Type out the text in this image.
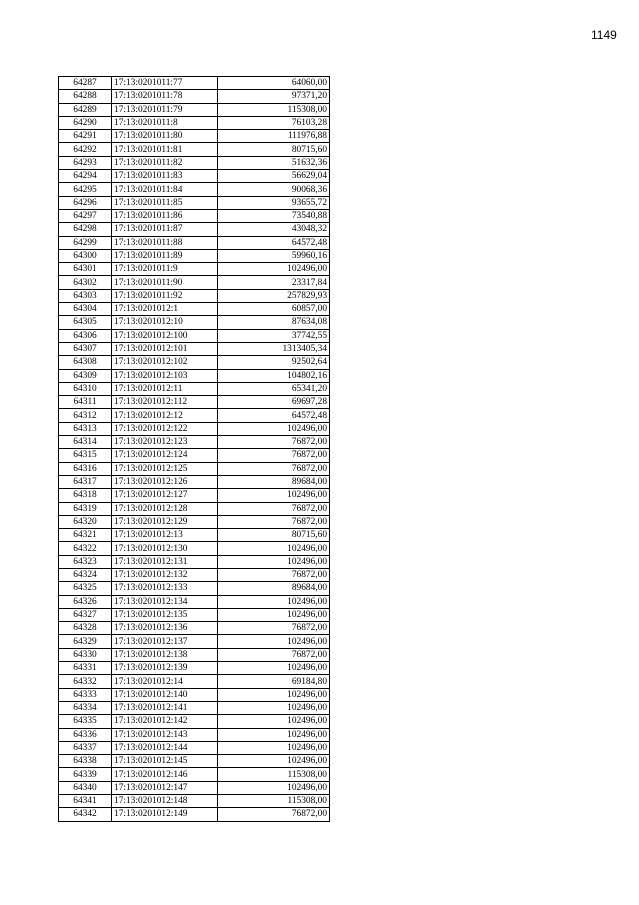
1149
64287	17:13:0201011:77	64060,00
64288	17:13:0201011:78	97371,20
64289	17:13:0201011:79	115308,00
64290	17:13:0201011:8	76103,28
64291	17:13:0201011:80	111976,88
64292	17:13:0201011:81	80715,60
64293	17:13:0201011:82	51632,36
64294	17:13:0201011:83	56629,04
64295	17:13:0201011:84	90068,36
64296	17:13:0201011:85	93655,72
64297	17:13:0201011:86	73540,88
64298	17:13:0201011:87	43048,32
64299	17:13:0201011:88	64572,48
64300	17:13:0201011:89	59960,16
64301	17:13:0201011:9	102496,00
64302	17:13:0201011:90	23317,84
64303	17:13:0201011:92	257829,93
64304	17:13:0201012:1	60857,00
64305	17:13:0201012:10	87634,08
64306	17:13:0201012:100	37742,55
64307	17:13:0201012:101	1313405,34
64308	17:13:0201012:102	92502,64
64309	17:13:0201012:103	104802,16
64310	17:13:0201012:11	65341,20
64311	17:13:0201012:112	69697,28
64312	17:13:0201012:12	64572,48
64313	17:13:0201012:122	102496,00
64314	17:13:0201012:123	76872,00
64315	17:13:0201012:124	76872,00
64316	17:13:0201012:125	76872,00
64317	17:13:0201012:126	89684,00
64318	17:13:0201012:127	102496,00
64319	17:13:0201012:128	76872,00
64320	17:13:0201012:129	76872,00
64321	17:13:0201012:13	80715,60
64322	17:13:0201012:130	102496,00
64323	17:13:0201012:131	102496,00
64324	17:13:0201012:132	76872,00
64325	17:13:0201012:133	89684,00
64326	17:13:0201012:134	102496,00
64327	17:13:0201012:135	102496,00
64328	17:13:0201012:136	76872,00
64329	17:13:0201012:137	102496,00
64330	17:13:0201012:138	76872,00
64331	17:13:0201012:139	102496,00
64332	17:13:0201012:14	69184,80
64333	17:13:0201012:140	102496,00
64334	17:13:0201012:141	102496,00
64335	17:13:0201012:142	102496,00
64336	17:13:0201012:143	102496,00
64337	17:13:0201012:144	102496,00
64338	17:13:0201012:145	102496,00
64339	17:13:0201012:146	115308,00
64340	17:13:0201012:147	102496,00
64341	17:13:0201012:148	115308,00
64342	17:13:0201012:149	76872,00
